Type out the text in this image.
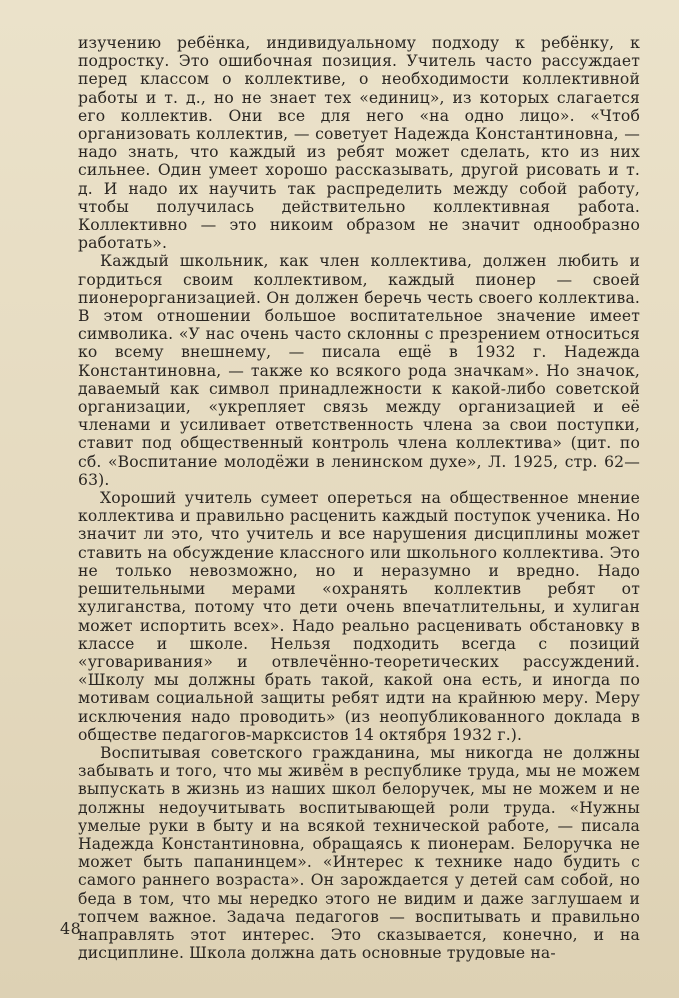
изучению ребёнка, индивидуальному подходу к ребёнку, к подростку. Это ошибочная позиция. Учитель часто рассуждает перед классом о коллективе, о необходимости коллективной работы и т. д., но не знает тех «единиц», из которых слагается его коллектив. Они все для него «на одно лицо». «Чтоб организовать коллектив, — советует Надежда Константиновна, — надо знать, что каждый из ребят может сделать, кто из них сильнее. Один умеет хорошо рассказывать, другой рисовать и т. д. И надо их научить так распределить между собой работу, чтобы получилась действительно коллективная работа. Коллективно — это никоим образом не значит однообразно работать».

Каждый школьник, как член коллектива, должен любить и гордиться своим коллективом, каждый пионер — своей пионерорганизацией. Он должен беречь честь своего коллектива. В этом отношении большое воспитательное значение имеет символика. «У нас очень часто склонны с презрением относиться ко всему внешнему, — писала ещё в 1932 г. Надежда Константиновна, — также ко всякого рода значкам». Но значок, даваемый как символ принадлежности к какой-либо советской организации, «укрепляет связь между организацией и её членами и усиливает ответственность члена за свои поступки, ставит под общественный контроль члена коллектива» (цит. по сб. «Воспитание молодёжи в ленинском духе», Л. 1925, стр. 62—63).

Хороший учитель сумеет опереться на общественное мнение коллектива и правильно расценить каждый поступок ученика. Но значит ли это, что учитель и все нарушения дисциплины может ставить на обсуждение классного или школьного коллектива. Это не только невозможно, но и неразумно и вредно. Надо решительными мерами «охранять коллектив ребят от хулиганства, потому что дети очень впечатлительны, и хулиган может испортить всех». Надо реально расценивать обстановку в классе и школе. Нельзя подходить всегда с позиций «уговаривания» и отвлечённо-теоретических рассуждений. «Школу мы должны брать такой, какой она есть, и иногда по мотивам социальной защиты ребят идти на крайнюю меру. Меру исключения надо проводить» (из неопубликованного доклада в обществе педагогов-марксистов 14 октября 1932 г.).

Воспитывая советского гражданина, мы никогда не должны забывать и того, что мы живём в республике труда, мы не можем выпускать в жизнь из наших школ белоручек, мы не можем и не должны недоучитывать воспитывающей роли труда. «Нужны умелые руки в быту и на всякой технической работе, — писала Надежда Константиновна, обращаясь к пионерам. Белоручка не может быть папанинцем». «Интерес к технике надо будить с самого раннего возраста». Он зарождается у детей сам собой, но беда в том, что мы нередко этого не видим и даже заглушаем и топчем важное. Задача педагогов — воспитывать и правильно направлять этот интерес. Это сказывается, конечно, и на дисциплине. Школа должна дать основные трудовые на-

48
